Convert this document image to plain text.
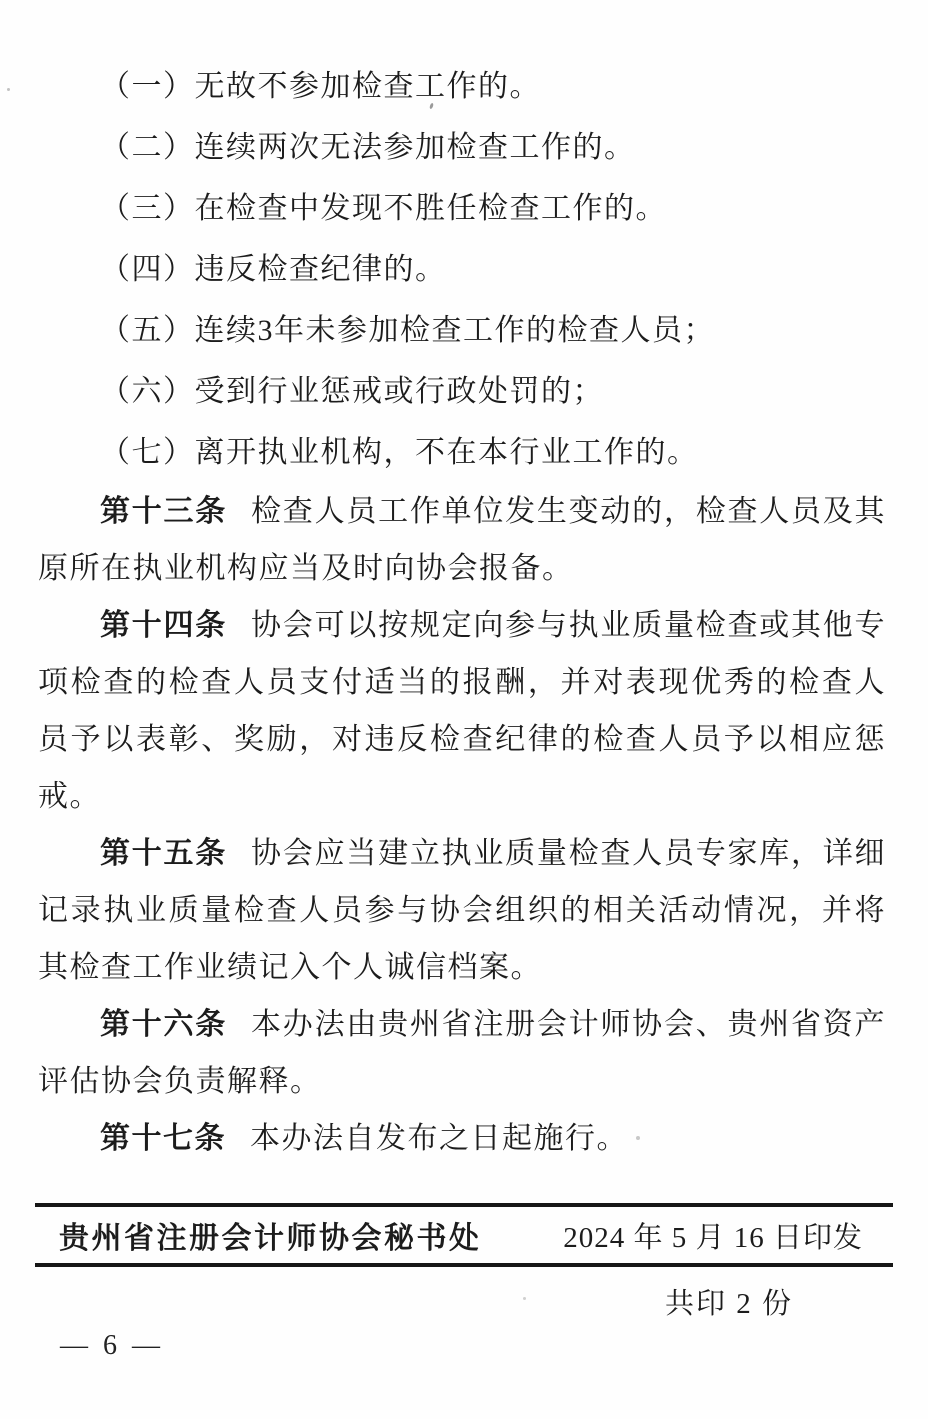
（一）无故不参加检查工作的。
（二）连续两次无法参加检查工作的。
（三）在检查中发现不胜任检查工作的。
（四）违反检查纪律的。
（五）连续3年未参加检查工作的检查人员；
（六）受到行业惩戒或行政处罚的；
（七）离开执业机构，不在本行业工作的。

第十三条 检查人员工作单位发生变动的，检查人员及其原所在执业机构应当及时向协会报备。

第十四条 协会可以按规定向参与执业质量检查或其他专项检查的检查人员支付适当的报酬，并对表现优秀的检查人员予以表彰、奖励，对违反检查纪律的检查人员予以相应惩戒。

第十五条 协会应当建立执业质量检查人员专家库，详细记录执业质量检查人员参与协会组织的相关活动情况，并将其检查工作业绩记入个人诚信档案。

第十六条 本办法由贵州省注册会计师协会、贵州省资产评估协会负责解释。

第十七条 本办法自发布之日起施行。

贵州省注册会计师协会秘书处	2024 年 5 月 16 日印发
共印 2 份
— 6 —
